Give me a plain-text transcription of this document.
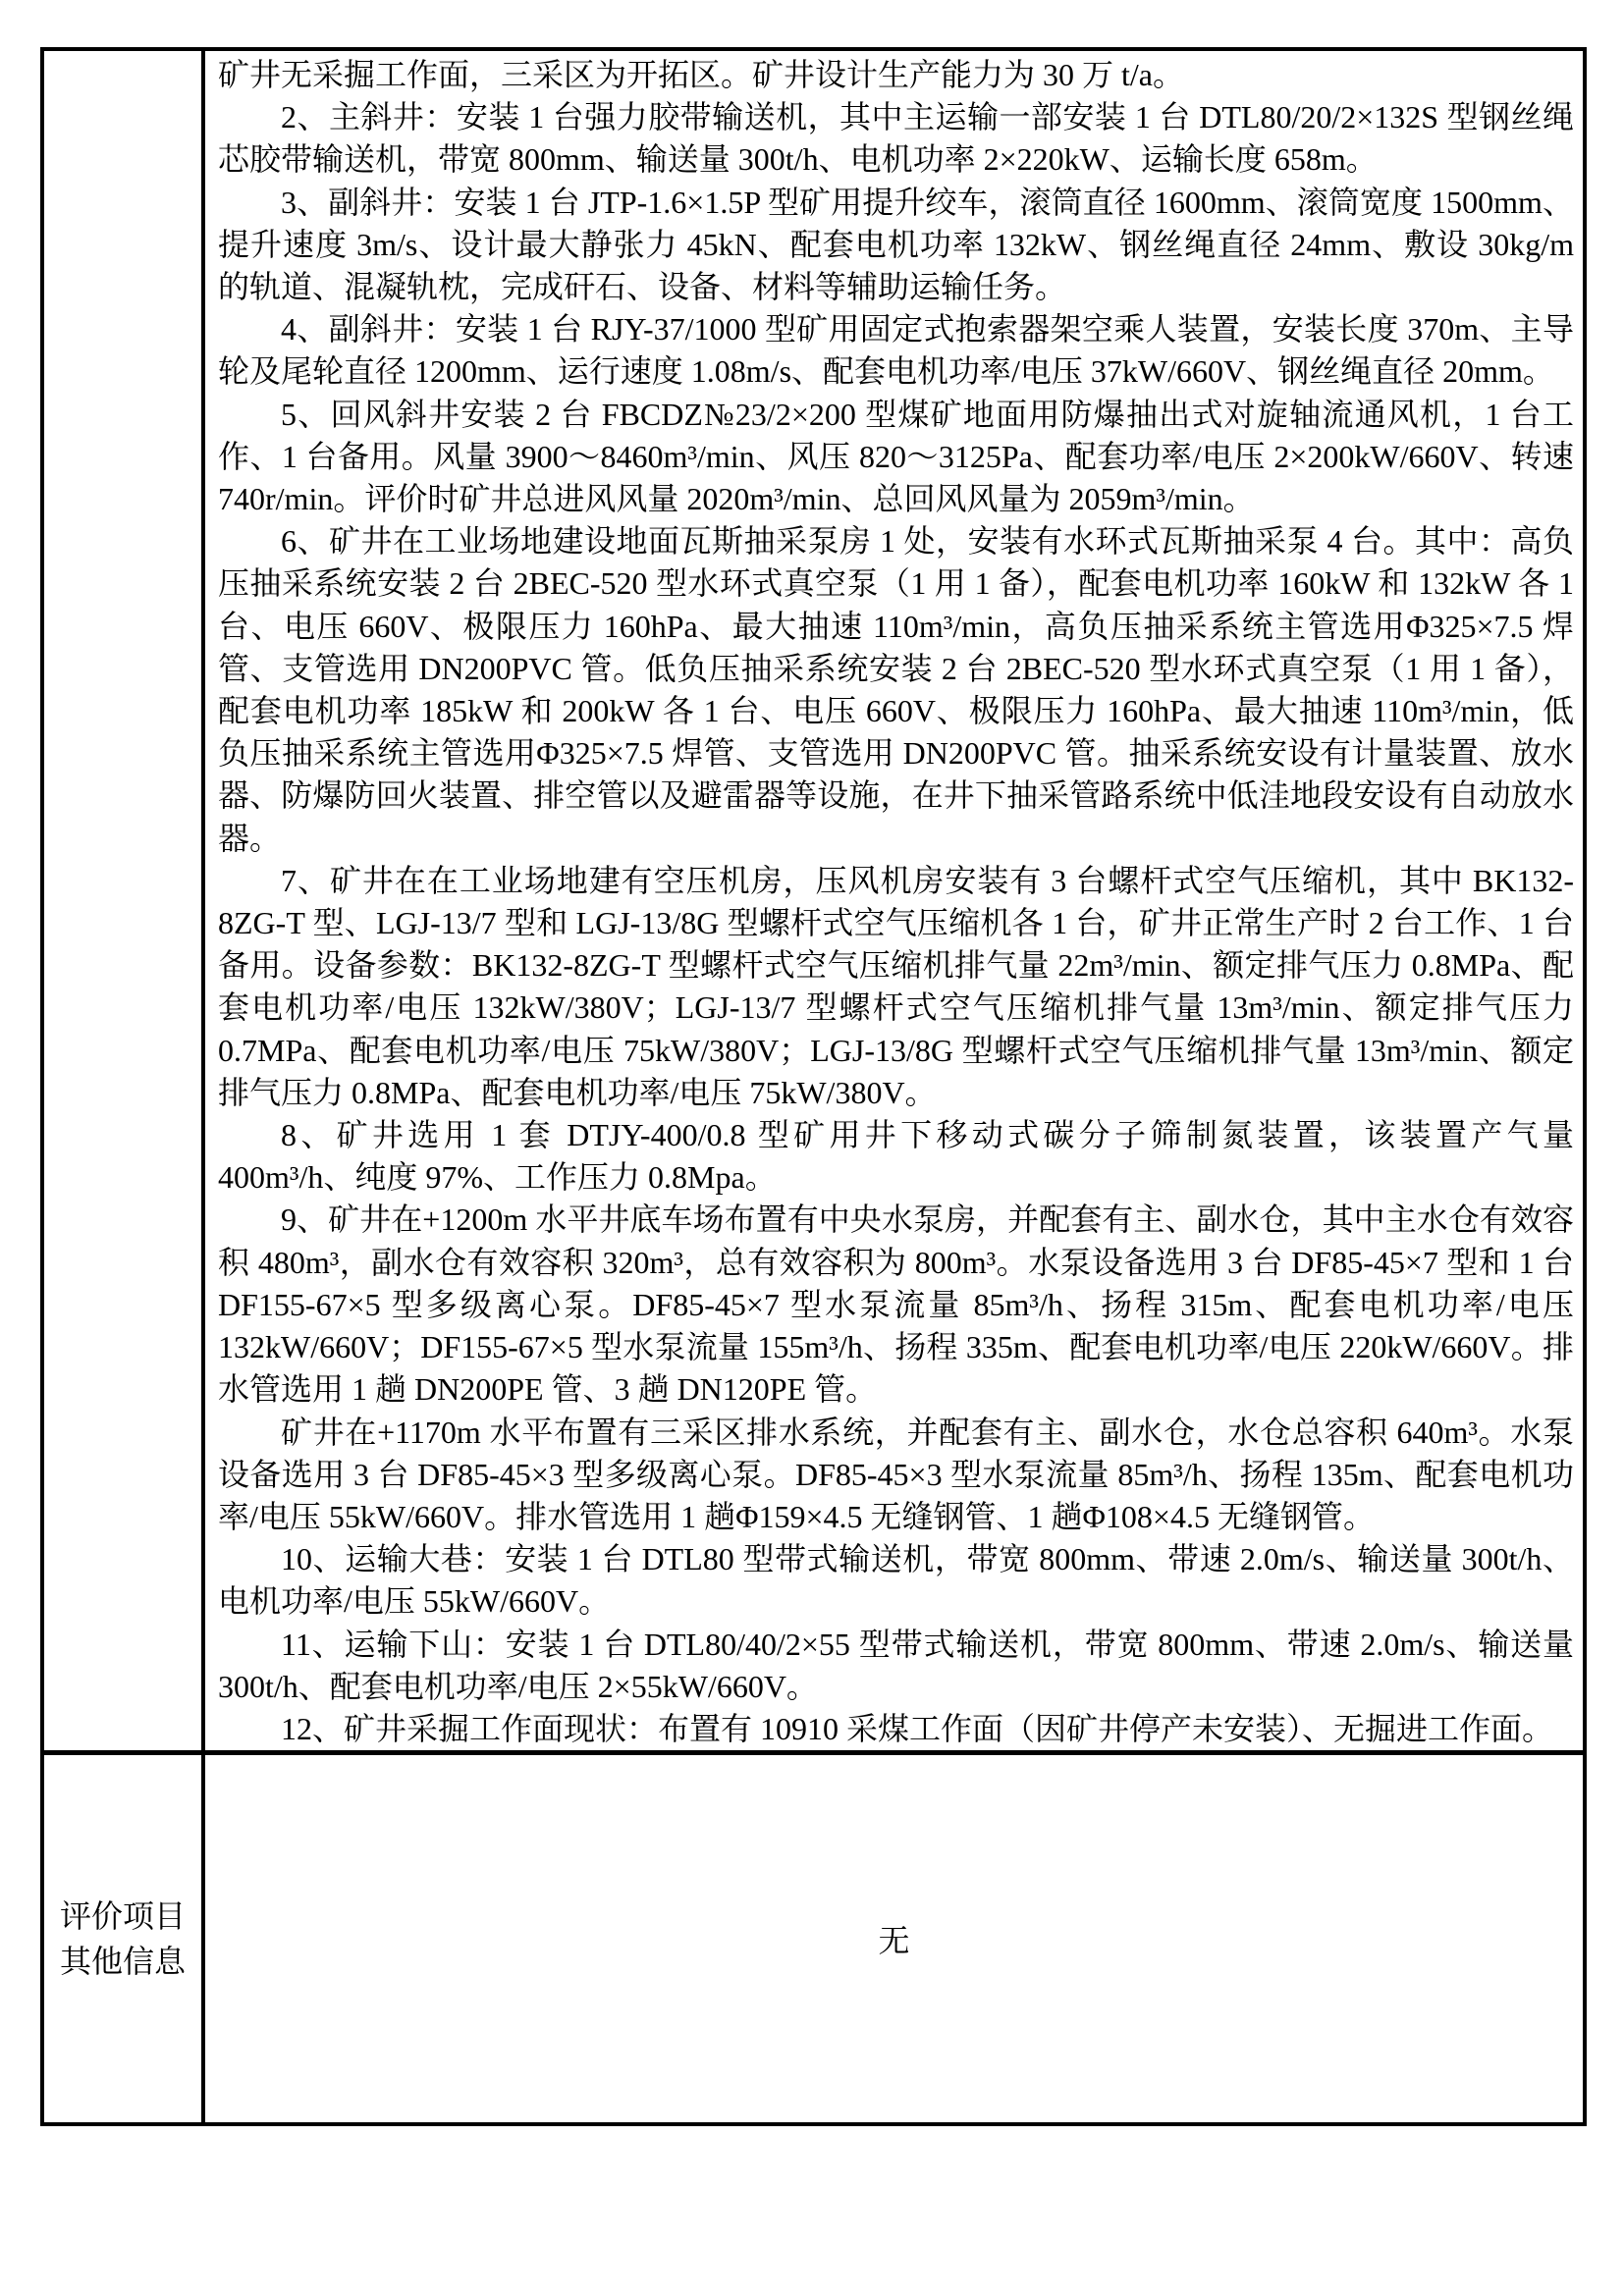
矿井无采掘工作面，三采区为开拓区。矿井设计生产能力为 30 万 t/a。

2、主斜井：安装 1 台强力胶带输送机，其中主运输一部安装 1 台 DTL80/20/2×132S 型钢丝绳芯胶带输送机，带宽 800mm、输送量 300t/h、电机功率 2×220kW、运输长度 658m。

3、副斜井：安装 1 台 JTP-1.6×1.5P 型矿用提升绞车，滚筒直径 1600mm、滚筒宽度 1500mm、提升速度 3m/s、设计最大静张力 45kN、配套电机功率 132kW、钢丝绳直径 24mm、敷设 30kg/m 的轨道、混凝轨枕，完成矸石、设备、材料等辅助运输任务。

4、副斜井：安装 1 台 RJY-37/1000 型矿用固定式抱索器架空乘人装置，安装长度 370m、主导轮及尾轮直径 1200mm、运行速度 1.08m/s、配套电机功率/电压 37kW/660V、钢丝绳直径 20mm。

5、回风斜井安装 2 台 FBCDZ№23/2×200 型煤矿地面用防爆抽出式对旋轴流通风机，1 台工作、1 台备用。风量 3900～8460m³/min、风压 820～3125Pa、配套功率/电压 2×200kW/660V、转速 740r/min。评价时矿井总进风风量 2020m³/min、总回风风量为 2059m³/min。

6、矿井在工业场地建设地面瓦斯抽采泵房 1 处，安装有水环式瓦斯抽采泵 4 台。其中：高负压抽采系统安装 2 台 2BEC-520 型水环式真空泵（1 用 1 备），配套电机功率 160kW 和 132kW 各 1 台、电压 660V、极限压力 160hPa、最大抽速 110m³/min，高负压抽采系统主管选用Φ325×7.5 焊管、支管选用 DN200PVC 管。低负压抽采系统安装 2 台 2BEC-520 型水环式真空泵（1 用 1 备），配套电机功率 185kW 和 200kW 各 1 台、电压 660V、极限压力 160hPa、最大抽速 110m³/min，低负压抽采系统主管选用Φ325×7.5 焊管、支管选用 DN200PVC 管。抽采系统安设有计量装置、放水器、防爆防回火装置、排空管以及避雷器等设施，在井下抽采管路系统中低洼地段安设有自动放水器。

7、矿井在在工业场地建有空压机房，压风机房安装有 3 台螺杆式空气压缩机，其中 BK132-8ZG-T 型、LGJ-13/7 型和 LGJ-13/8G 型螺杆式空气压缩机各 1 台，矿井正常生产时 2 台工作、1 台备用。设备参数：BK132-8ZG-T 型螺杆式空气压缩机排气量 22m³/min、额定排气压力 0.8MPa、配套电机功率/电压 132kW/380V；LGJ-13/7 型螺杆式空气压缩机排气量 13m³/min、额定排气压力 0.7MPa、配套电机功率/电压 75kW/380V；LGJ-13/8G 型螺杆式空气压缩机排气量 13m³/min、额定排气压力 0.8MPa、配套电机功率/电压 75kW/380V。

8、矿井选用 1 套 DTJY-400/0.8 型矿用井下移动式碳分子筛制氮装置，该装置产气量 400m³/h、纯度 97%、工作压力 0.8Mpa。

9、矿井在+1200m 水平井底车场布置有中央水泵房，并配套有主、副水仓，其中主水仓有效容积 480m³，副水仓有效容积 320m³，总有效容积为 800m³。水泵设备选用 3 台 DF85-45×7 型和 1 台 DF155-67×5 型多级离心泵。DF85-45×7 型水泵流量 85m³/h、扬程 315m、配套电机功率/电压 132kW/660V；DF155-67×5 型水泵流量 155m³/h、扬程 335m、配套电机功率/电压 220kW/660V。排水管选用 1 趟 DN200PE 管、3 趟 DN120PE 管。

矿井在+1170m 水平布置有三采区排水系统，并配套有主、副水仓，水仓总容积 640m³。水泵设备选用 3 台 DF85-45×3 型多级离心泵。DF85-45×3 型水泵流量 85m³/h、扬程 135m、配套电机功率/电压 55kW/660V。排水管选用 1 趟Φ159×4.5 无缝钢管、1 趟Φ108×4.5 无缝钢管。

10、运输大巷：安装 1 台 DTL80 型带式输送机，带宽 800mm、带速 2.0m/s、输送量 300t/h、电机功率/电压 55kW/660V。

11、运输下山：安装 1 台 DTL80/40/2×55 型带式输送机，带宽 800mm、带速 2.0m/s、输送量 300t/h、配套电机功率/电压 2×55kW/660V。

12、矿井采掘工作面现状：布置有 10910 采煤工作面（因矿井停产未安装）、无掘进工作面。

评价项目
其他信息
无
